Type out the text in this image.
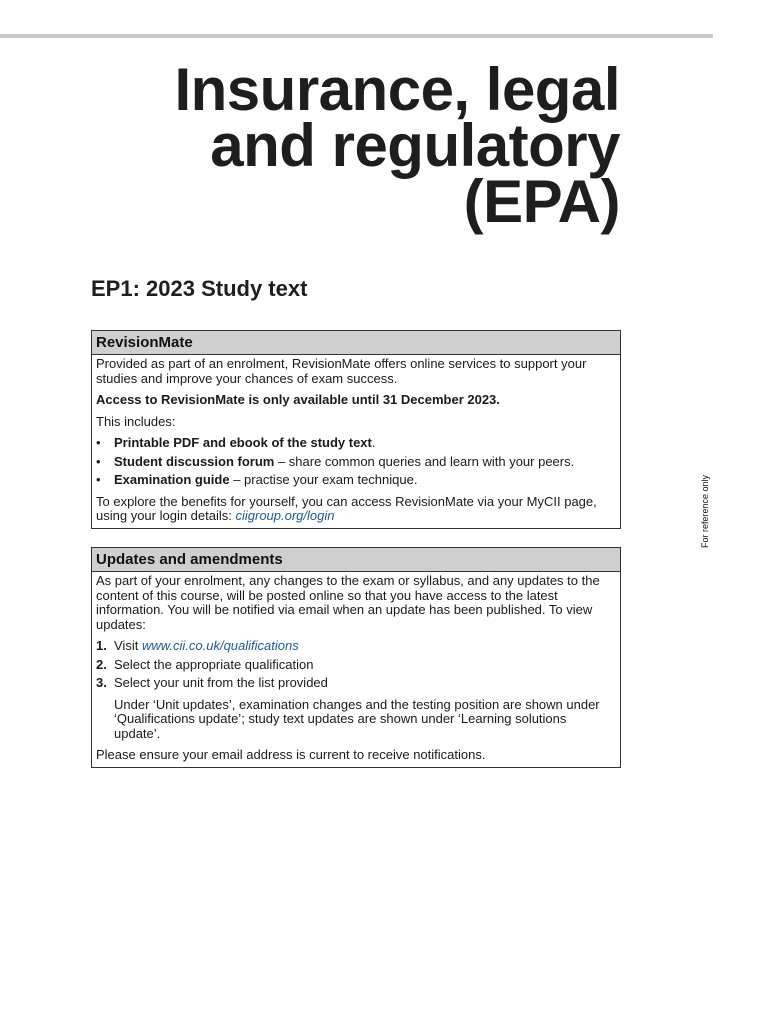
Insurance, legal
and regulatory
(EPA)
EP1: 2023 Study text
RevisionMate

Provided as part of an enrolment, RevisionMate offers online services to support your studies and improve your chances of exam success.

Access to RevisionMate is only available until 31 December 2023.

This includes:

• Printable PDF and ebook of the study text.
• Student discussion forum – share common queries and learn with your peers.
• Examination guide – practise your exam technique.

To explore the benefits for yourself, you can access RevisionMate via your MyCII page, using your login details: ciigroup.org/login

Updates and amendments

As part of your enrolment, any changes to the exam or syllabus, and any updates to the content of this course, will be posted online so that you have access to the latest information. You will be notified via email when an update has been published. To view updates:

1. Visit www.cii.co.uk/qualifications
2. Select the appropriate qualification
3. Select your unit from the list provided

Under ‘Unit updates’, examination changes and the testing position are shown under ‘Qualifications update’; study text updates are shown under ‘Learning solutions update’.

Please ensure your email address is current to receive notifications.

For reference only
